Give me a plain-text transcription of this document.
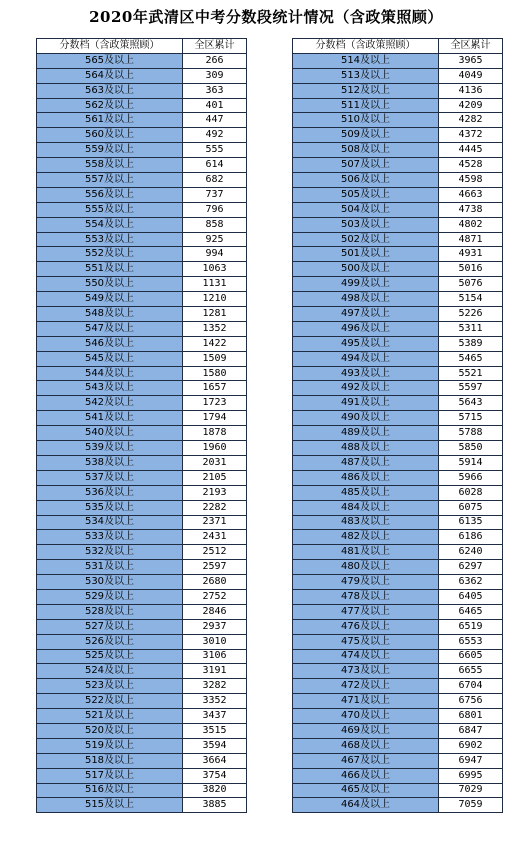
2020年武清区中考分数段统计情况（含政策照顾）
分数档（含政策照顾）	全区累计
565及以上	266
564及以上	309
563及以上	363
562及以上	401
561及以上	447
560及以上	492
559及以上	555
558及以上	614
557及以上	682
556及以上	737
555及以上	796
554及以上	858
553及以上	925
552及以上	994
551及以上	1063
550及以上	1131
549及以上	1210
548及以上	1281
547及以上	1352
546及以上	1422
545及以上	1509
544及以上	1580
543及以上	1657
542及以上	1723
541及以上	1794
540及以上	1878
539及以上	1960
538及以上	2031
537及以上	2105
536及以上	2193
535及以上	2282
534及以上	2371
533及以上	2431
532及以上	2512
531及以上	2597
530及以上	2680
529及以上	2752
528及以上	2846
527及以上	2937
526及以上	3010
525及以上	3106
524及以上	3191
523及以上	3282
522及以上	3352
521及以上	3437
520及以上	3515
519及以上	3594
518及以上	3664
517及以上	3754
516及以上	3820
515及以上	3885
分数档（含政策照顾）	全区累计
514及以上	3965
513及以上	4049
512及以上	4136
511及以上	4209
510及以上	4282
509及以上	4372
508及以上	4445
507及以上	4528
506及以上	4598
505及以上	4663
504及以上	4738
503及以上	4802
502及以上	4871
501及以上	4931
500及以上	5016
499及以上	5076
498及以上	5154
497及以上	5226
496及以上	5311
495及以上	5389
494及以上	5465
493及以上	5521
492及以上	5597
491及以上	5643
490及以上	5715
489及以上	5788
488及以上	5850
487及以上	5914
486及以上	5966
485及以上	6028
484及以上	6075
483及以上	6135
482及以上	6186
481及以上	6240
480及以上	6297
479及以上	6362
478及以上	6405
477及以上	6465
476及以上	6519
475及以上	6553
474及以上	6605
473及以上	6655
472及以上	6704
471及以上	6756
470及以上	6801
469及以上	6847
468及以上	6902
467及以上	6947
466及以上	6995
465及以上	7029
464及以上	7059
